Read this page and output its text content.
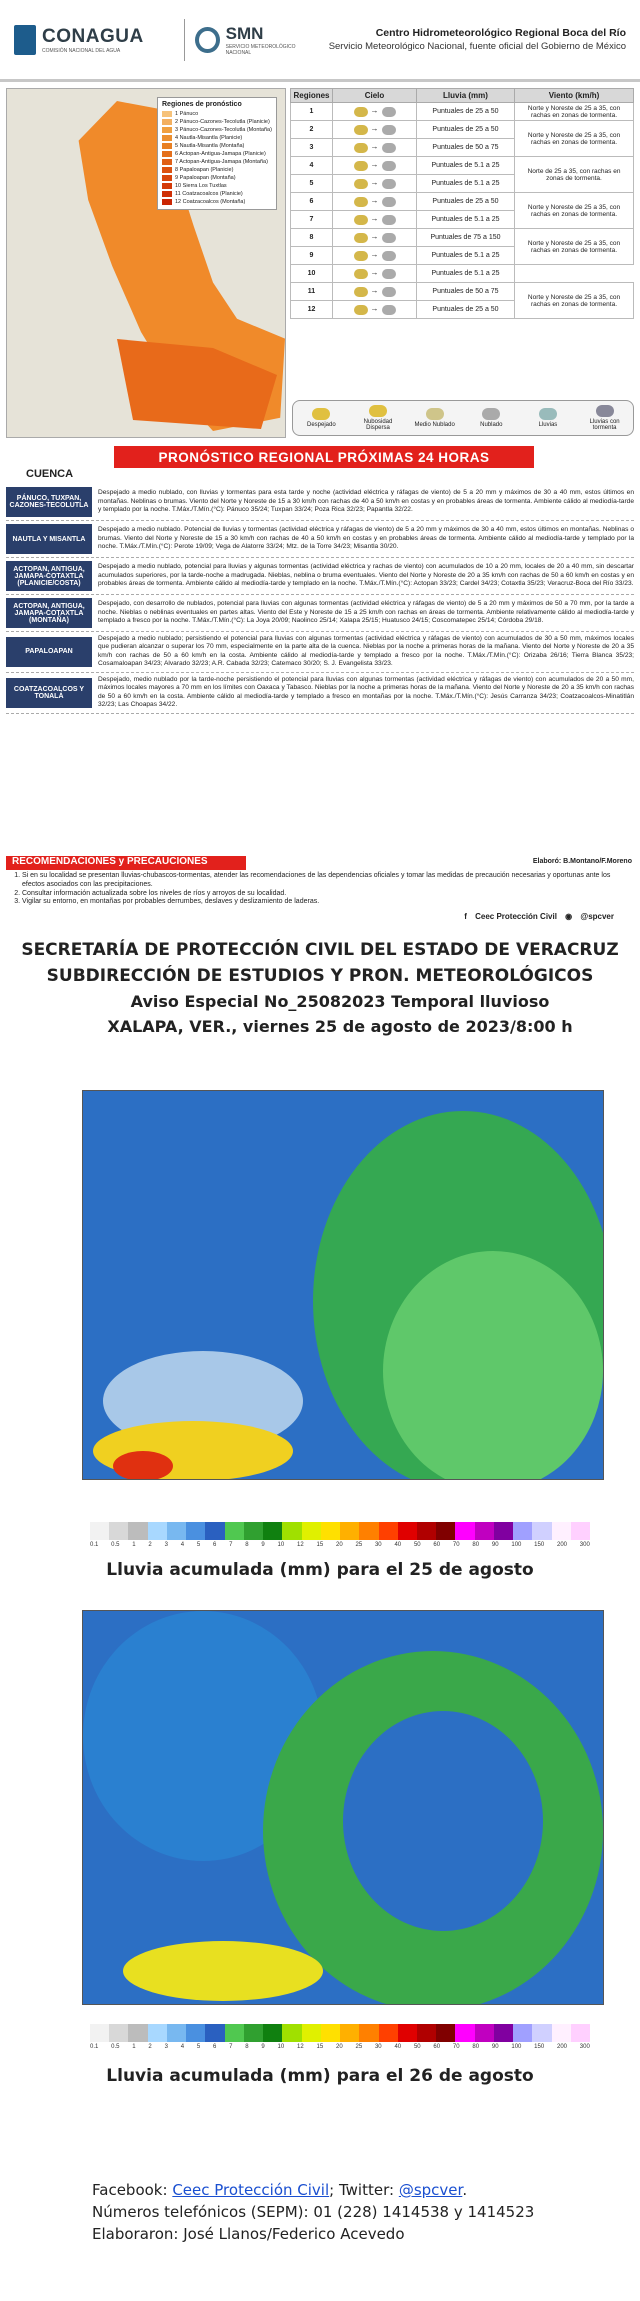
CONAGUA
COMISIÓN NACIONAL DEL AGUA
SMN
SERVICIO METEOROLÓGICO NACIONAL
Centro Hidrometeorológico Regional Boca del Río
Servicio Meteorológico Nacional, fuente oficial del Gobierno de México
Regiones de pronóstico
1 Pánuco
2 Pánuco-Cazones-Tecolutla (Planicie)
3 Pánuco-Cazones-Tecolutla (Montaña)
4 Nautla-Misantla (Planicie)
5 Nautla-Misantla (Montaña)
6 Actopan-Antigua-Jamapa (Planicie)
7 Actopan-Antigua-Jamapa (Montaña)
8 Papaloapan (Planicie)
9 Papaloapan (Montaña)
10 Sierra Los Tuxtlas
11 Coatzacoalcos (Planicie)
12 Coatzacoalcos (Montaña)
Regiones	Cielo	Lluvia (mm)	Viento (km/h)
1	→	Puntuales de 25 a 50	Norte y Noreste de 25 a 35, con rachas en zonas de tormenta.
2	→	Puntuales de 25 a 50	Norte y Noreste de 25 a 35, con rachas en zonas de tormenta.
3	→	Puntuales de 50 a 75	
4	→	Puntuales de 5.1 a 25	Norte de 25 a 35, con rachas en zonas de tormenta.
5	→	Puntuales de 5.1 a 25	
6	→	Puntuales de 25 a 50	Norte y Noreste de 25 a 35, con rachas en zonas de tormenta.
7	→	Puntuales de 5.1 a 25	
8	→	Puntuales de 75 a 150	Norte y Noreste de 25 a 35, con rachas en zonas de tormenta.
9	→	Puntuales de 5.1 a 25	
10	→	Puntuales de 5.1 a 25	
11	→	Puntuales de 50 a 75	Norte y Noreste de 25 a 35, con rachas en zonas de tormenta.
12	→	Puntuales de 25 a 50	
Despejado	Nubosidad Dispersa	Medio Nublado	Nublado	Lluvias	Lluvias con tormenta
PRONÓSTICO REGIONAL PRÓXIMAS 24 HORAS
CUENCA
PÁNUCO, TUXPAN, CAZONES-TECOLUTLA
Despejado a medio nublado, con lluvias y tormentas para esta tarde y noche (actividad eléctrica y ráfagas de viento) de 5 a 20 mm y máximos de 30 a 40 mm, estos últimos en montañas. Neblinas o brumas. Viento del Norte y Noreste de 15 a 30 km/h con rachas de 40 a 50 km/h en costas y en probables áreas de tormenta. Ambiente cálido al mediodía-tarde y templado por la noche. T.Máx./T.Mín.(°C): Pánuco 35/24; Tuxpan 33/24; Poza Rica 32/23; Papantla 32/22.
NAUTLA Y MISANTLA
Despejado a medio nublado. Potencial de lluvias y tormentas (actividad eléctrica y ráfagas de viento) de 5 a 20 mm y máximos de 30 a 40 mm, estos últimos en montañas. Neblinas o brumas. Viento del Norte y Noreste de 15 a 30 km/h con rachas de 40 a 50 km/h en costas y en probables áreas de tormenta. Ambiente cálido al mediodía-tarde y templado por la noche. T.Máx./T.Mín.(°C): Perote 19/09; Vega de Alatorre 33/24; Mtz. de la Torre 34/23; Misantla 30/20.
ACTOPAN, ANTIGUA, JAMAPA-COTAXTLA (PLANICIE/COSTA)
Despejado a medio nublado, potencial para lluvias y algunas tormentas (actividad eléctrica y rachas de viento) con acumulados de 10 a 20 mm, locales de 20 a 40 mm, sin descartar acumulados superiores, por la tarde-noche a madrugada. Nieblas, neblina o bruma eventuales. Viento del Norte y Noreste de 20 a 35 km/h con rachas de 50 a 60 km/h en costas y en probables áreas de tormenta. Ambiente cálido al mediodía-tarde y templado en la noche. T.Máx./T.Mín.(°C): Actopan 33/23; Cardel 34/23; Cotaxtla 35/23; Veracruz-Boca del Río 33/23.
ACTOPAN, ANTIGUA, JAMAPA-COTAXTLA (MONTAÑA)
Despejado, con desarrollo de nublados, potencial para lluvias con algunas tormentas (actividad eléctrica y ráfagas de viento) de 5 a 20 mm y máximos de 50 a 70 mm, por la tarde a noche. Nieblas o neblinas eventuales en partes altas. Viento del Este y Noreste de 15 a 25 km/h con rachas en áreas de tormenta. Ambiente relativamente cálido al mediodía-tarde y templado a fresco por la noche. T.Máx./T.Mín.(°C): La Joya 20/09; Naolinco 25/14; Xalapa 25/15; Huatusco 24/15; Coscomatepec 25/14; Córdoba 29/18.
PAPALOAPAN
Despejado a medio nublado; persistiendo el potencial para lluvias con algunas tormentas (actividad eléctrica y ráfagas de viento) con acumulados de 30 a 50 mm, máximos locales que pudieran alcanzar o superar los 70 mm, especialmente en la parte alta de la cuenca. Nieblas por la noche a primeras horas de la mañana. Viento del Norte y Noreste de 20 a 35 km/h con rachas de 50 a 60 km/h en la costa. Ambiente cálido al mediodía-tarde y templado a fresco por la noche. T.Máx./T.Mín.(°C): Orizaba 26/16; Tierra Blanca 35/23; Cosamaloapan 34/23; Alvarado 32/23; A.R. Cabada 32/23; Catemaco 30/20; S. J. Evangelista 33/23.
COATZACOALCOS Y TONALÁ
Despejado, medio nublado por la tarde-noche persistiendo el potencial para lluvias con algunas tormentas (actividad eléctrica y ráfagas de viento) con acumulados de 20 a 50 mm, máximos locales mayores a 70 mm en los límites con Oaxaca y Tabasco. Nieblas por la noche a primeras horas de la mañana. Viento del Norte y Noreste de 20 a 35 km/h con rachas de 50 a 60 km/h en la costa. Ambiente cálido al mediodía-tarde y templado a fresco en montañas por la noche. T.Máx./T.Mín.(°C): Jesús Carranza 34/23; Coatzacoalcos-Minatitlán 32/23; Las Choapas 34/22.
RECOMENDACIONES y PRECAUCIONES	Elaboró: B.Montano/F.Moreno
1. Si en su localidad se presentan lluvias-chubascos-tormentas, atender las recomendaciones de las dependencias oficiales y tomar las medidas de precaución necesarias y oportunas ante los efectos asociados con las precipitaciones.
2. Consultar información actualizada sobre los niveles de ríos y arroyos de su localidad.
3. Vigilar su entorno, en montañas por probables derrumbes, deslaves y deslizamiento de laderas.
f Ceec Protección Civil ◉ @spcver
SECRETARÍA DE PROTECCIÓN CIVIL DEL ESTADO DE VERACRUZ
SUBDIRECCIÓN DE ESTUDIOS Y PRON. METEOROLÓGICOS
Aviso Especial No_25082023 Temporal lluvioso
XALAPA, VER., viernes 25 de agosto de 2023/8:00 h
0.1 0.5 1 2 3 4 5 6 7 8 9 10 12 15 20 25 30 40 50 60 70 80 90 100 150 200 300
Lluvia acumulada (mm) para el 25 de agosto
0.1 0.5 1 2 3 4 5 6 7 8 9 10 12 15 20 25 30 40 50 60 70 80 90 100 150 200 300
Lluvia acumulada (mm) para el 26 de agosto
Facebook: Ceec Protección Civil; Twitter: @spcver.
Números telefónicos (SEPM): 01 (228) 1414538 y 1414523
Elaboraron: José Llanos/Federico Acevedo
